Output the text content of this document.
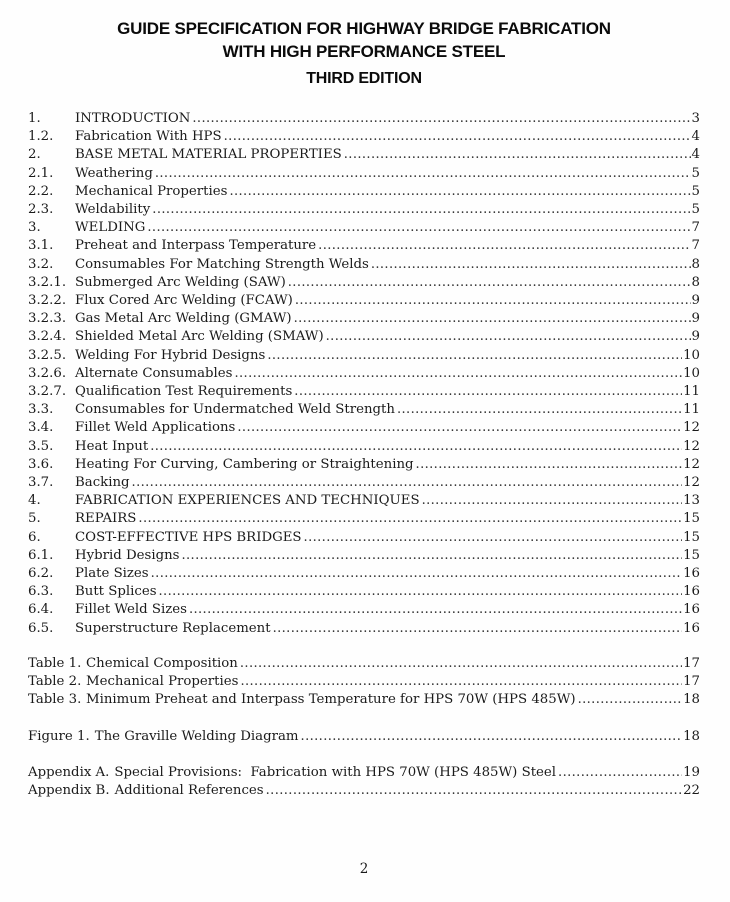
GUIDE SPECIFICATION FOR HIGHWAY BRIDGE FABRICATION
WITH HIGH PERFORMANCE STEEL
THIRD EDITION
1.	INTRODUCTION .....	3
1.2.	Fabrication With HPS .....	4
2.	BASE METAL MATERIAL PROPERTIES .....	4
2.1.	Weathering .....	5
2.2.	Mechanical Properties .....	5
2.3.	Weldability .....	5
3.	WELDING .....	7
3.1.	Preheat and Interpass Temperature .....	7
3.2.	Consumables For Matching Strength Welds .....	8
3.2.1. Submerged Arc Welding (SAW) .....	8
3.2.2. Flux Cored Arc Welding (FCAW) .....	9
3.2.3. Gas Metal Arc Welding (GMAW) .....	9
3.2.4. Shielded Metal Arc Welding (SMAW) .....	9
3.2.5. Welding For Hybrid Designs .....	10
3.2.6. Alternate Consumables .....	10
3.2.7. Qualification Test Requirements .....	11
3.3.	Consumables for Undermatched Weld Strength .....	11
3.4.	Fillet Weld Applications .....	12
3.5.	Heat Input .....	12
3.6.	Heating For Curving, Cambering or Straightening .....	12
3.7.	Backing .....	12
4.	FABRICATION EXPERIENCES AND TECHNIQUES .....	13
5.	REPAIRS .....	15
6.	COST-EFFECTIVE HPS BRIDGES .....	15
6.1.	Hybrid Designs .....	15
6.2.	Plate Sizes .....	16
6.3.	Butt Splices .....	16
6.4.	Fillet Weld Sizes .....	16
6.5.	Superstructure Replacement .....	16
Table 1. Chemical Composition .....	17
Table 2. Mechanical Properties .....	17
Table 3. Minimum Preheat and Interpass Temperature for HPS 70W (HPS 485W) .....	18
Figure 1. The Graville Welding Diagram .....	18
Appendix A. Special Provisions:  Fabrication with HPS 70W (HPS 485W) Steel .....	19
Appendix B. Additional References .....	22
2
